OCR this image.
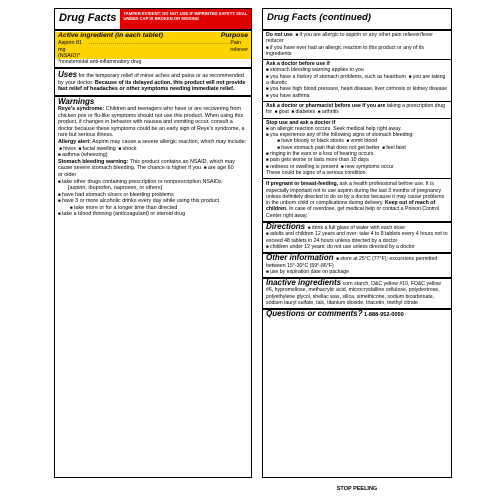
Drug Facts	TAMPER EVIDENT: DO NOT USE IF IMPRINTED SAFETY SEAL UNDER CAP IS BROKEN OR MISSING
Active ingredient (in each tablet)	Purpose
Aspirin 81 mg (NSAID)*
....................................................................... Pain reliever
*nonsteroidal anti-inflammatory drug
Uses for the temporary relief of minor aches and pains or as recommended by your doctor. Because of its delayed action, this product will not provide fast relief of headaches or other symptoms needing immediate relief.
Warnings
Reye's syndrome: Children and teenagers who have or are recovering from chicken pox or flu-like symptoms should not use this product. When using this product, if changes in behavior with nausea and vomiting occur, consult a doctor because these symptoms could be an early sign of Reye's syndrome, a rare but serious illness.
Allergy alert: Aspirin may cause a severe allergic reaction, which may include:
■ hives ■ facial swelling ■ shock
■ asthma (wheezing)
Stomach bleeding warning: This product contains an NSAID, which may cause severe stomach bleeding. The chance is higher if you ■ are age 60
or older
■ take other drugs containing prescription or nonprescription NSAIDs
[aspirin, ibuprofen, naproxen, or others]
■ have had stomach ulcers or bleeding problems
■ have 3 or more alcoholic drinks every day while using this product
■ take more or for a longer time than directed
■ take a blood thinning (anticoagulant) or steroid drug
Drug Facts (continued)
Do not use ■ if you are allergic to aspirin or any other pain reliever/fever reducer
■ if you have ever had an allergic reaction to this product or any of its ingredients
Ask a doctor before use if
■ stomach bleeding warning applies to you
■ you have a history of stomach problems, such as heartburn ■ you are taking a diuretic
■ you have high blood pressure, heart disease, liver cirrhosis or kidney disease
■ you have asthma
Ask a doctor or pharmacist before use if you are taking a prescription drug for ■ gout ■ diabetes ■ arthritis
Stop use and ask a doctor if
■ an allergic reaction occurs. Seek medical help right away.
■ you experience any of the following signs of stomach bleeding:
■ have bloody or black stools ■ vomit blood
■ have stomach pain that does not get better ■ feel faint
■ ringing in the ears or a loss of hearing occurs
■ pain gets worse or lasts more than 10 days
■ redness or swelling is present ■ new symptoms occur
These could be signs of a serious condition.
If pregnant or breast-feeding, ask a health professional before use. It is especially important not to use aspirin during the last 3 months of pregnancy unless definitely directed to do so by a doctor because it may cause problems in the unborn child or complications during delivery. Keep out of reach of children. In case of overdose, get medical help or contact a Poison Control Center right away.
Directions ■ drink a full glass of water with each dose
■ adults and children 12 years and over: take 4 to 8 tablets every 4 hours not to exceed 48 tablets in 24 hours unless directed by a doctor
■ children under 12 years: do not use unless directed by a doctor
Other information ■ store at 25°C (77°F); excursions permitted between 15°-30°C (59°-86°F)
■ use by expiration date on package
Inactive ingredients corn starch, D&C yellow #10, FD&C yellow #6, hypromellose, methacrylic acid, microcrystalline cellulose, polydextrose, polyethylene glycol, shellac wax, silica, simethicone, sodium bicarbonate, sodium lauryl sulfate, talc, titanium dioxide, triacetin, triethyl citrate
Questions or comments? 1-888-952-0050
STOP PEELING
